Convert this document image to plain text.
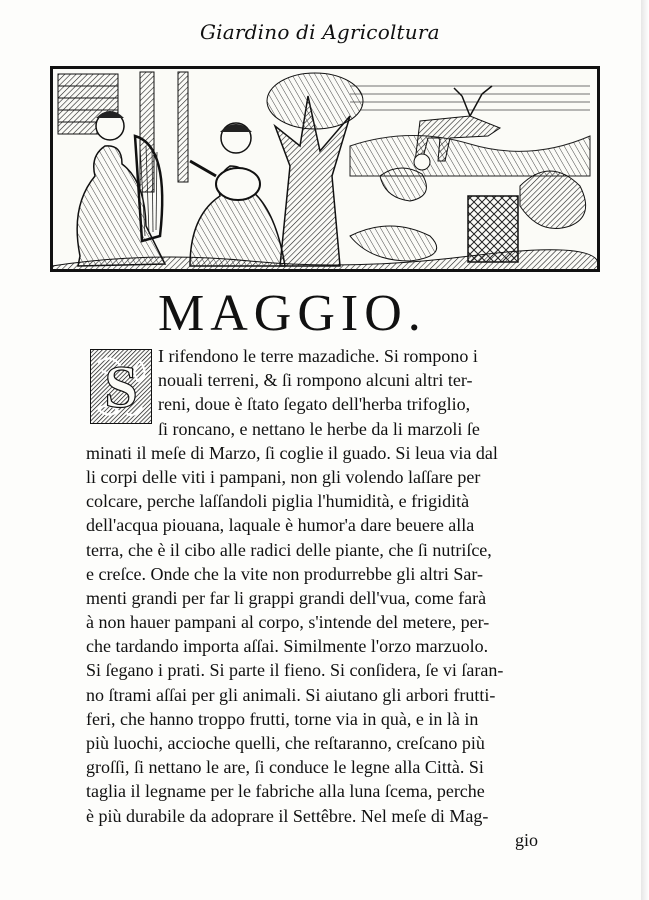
Giardino di Agricoltura
MAGGIO.
S	I rifendono le terre mazadiche. Si rompono i
nouali terreni, & ſi rompono alcuni altri ter-
reni, doue è ſtato ſegato dell'herba trifoglio,
ſi roncano, e nettano le herbe da li marzoli ſe
minati il meſe di Marzo, ſi coglie il guado. Si leua via dal
li corpi delle viti i pampani, non gli volendo laſſare per
colcare, perche laſſandoli piglia l'humidità, e frigidità
dell'acqua piouana, laquale è humor'a dare beuere alla
terra, che è il cibo alle radici delle piante, che ſi nutriſce,
e creſce. Onde che la vite non produrrebbe gli altri Sar-
menti grandi per far li grappi grandi dell'vua, come farà
à non hauer pampani al corpo, s'intende del metere, per-
che tardando importa aſſai. Similmente l'orzo marzuolo.
Si ſegano i prati. Si parte il fieno. Si conſidera, ſe vi ſaran-
no ſtrami aſſai per gli animali. Si aiutano gli arbori frutti-
feri, che hanno troppo frutti, torne via in quà, e in là in
più luochi, accioche quelli, che reſtaranno, creſcano più
groſſi, ſi nettano le are, ſi conduce le legne alla Città. Si
taglia il legname per le fabriche alla luna ſcema, perche
è più durabile da adoprare il Settêbre. Nel meſe di Mag-
gio
